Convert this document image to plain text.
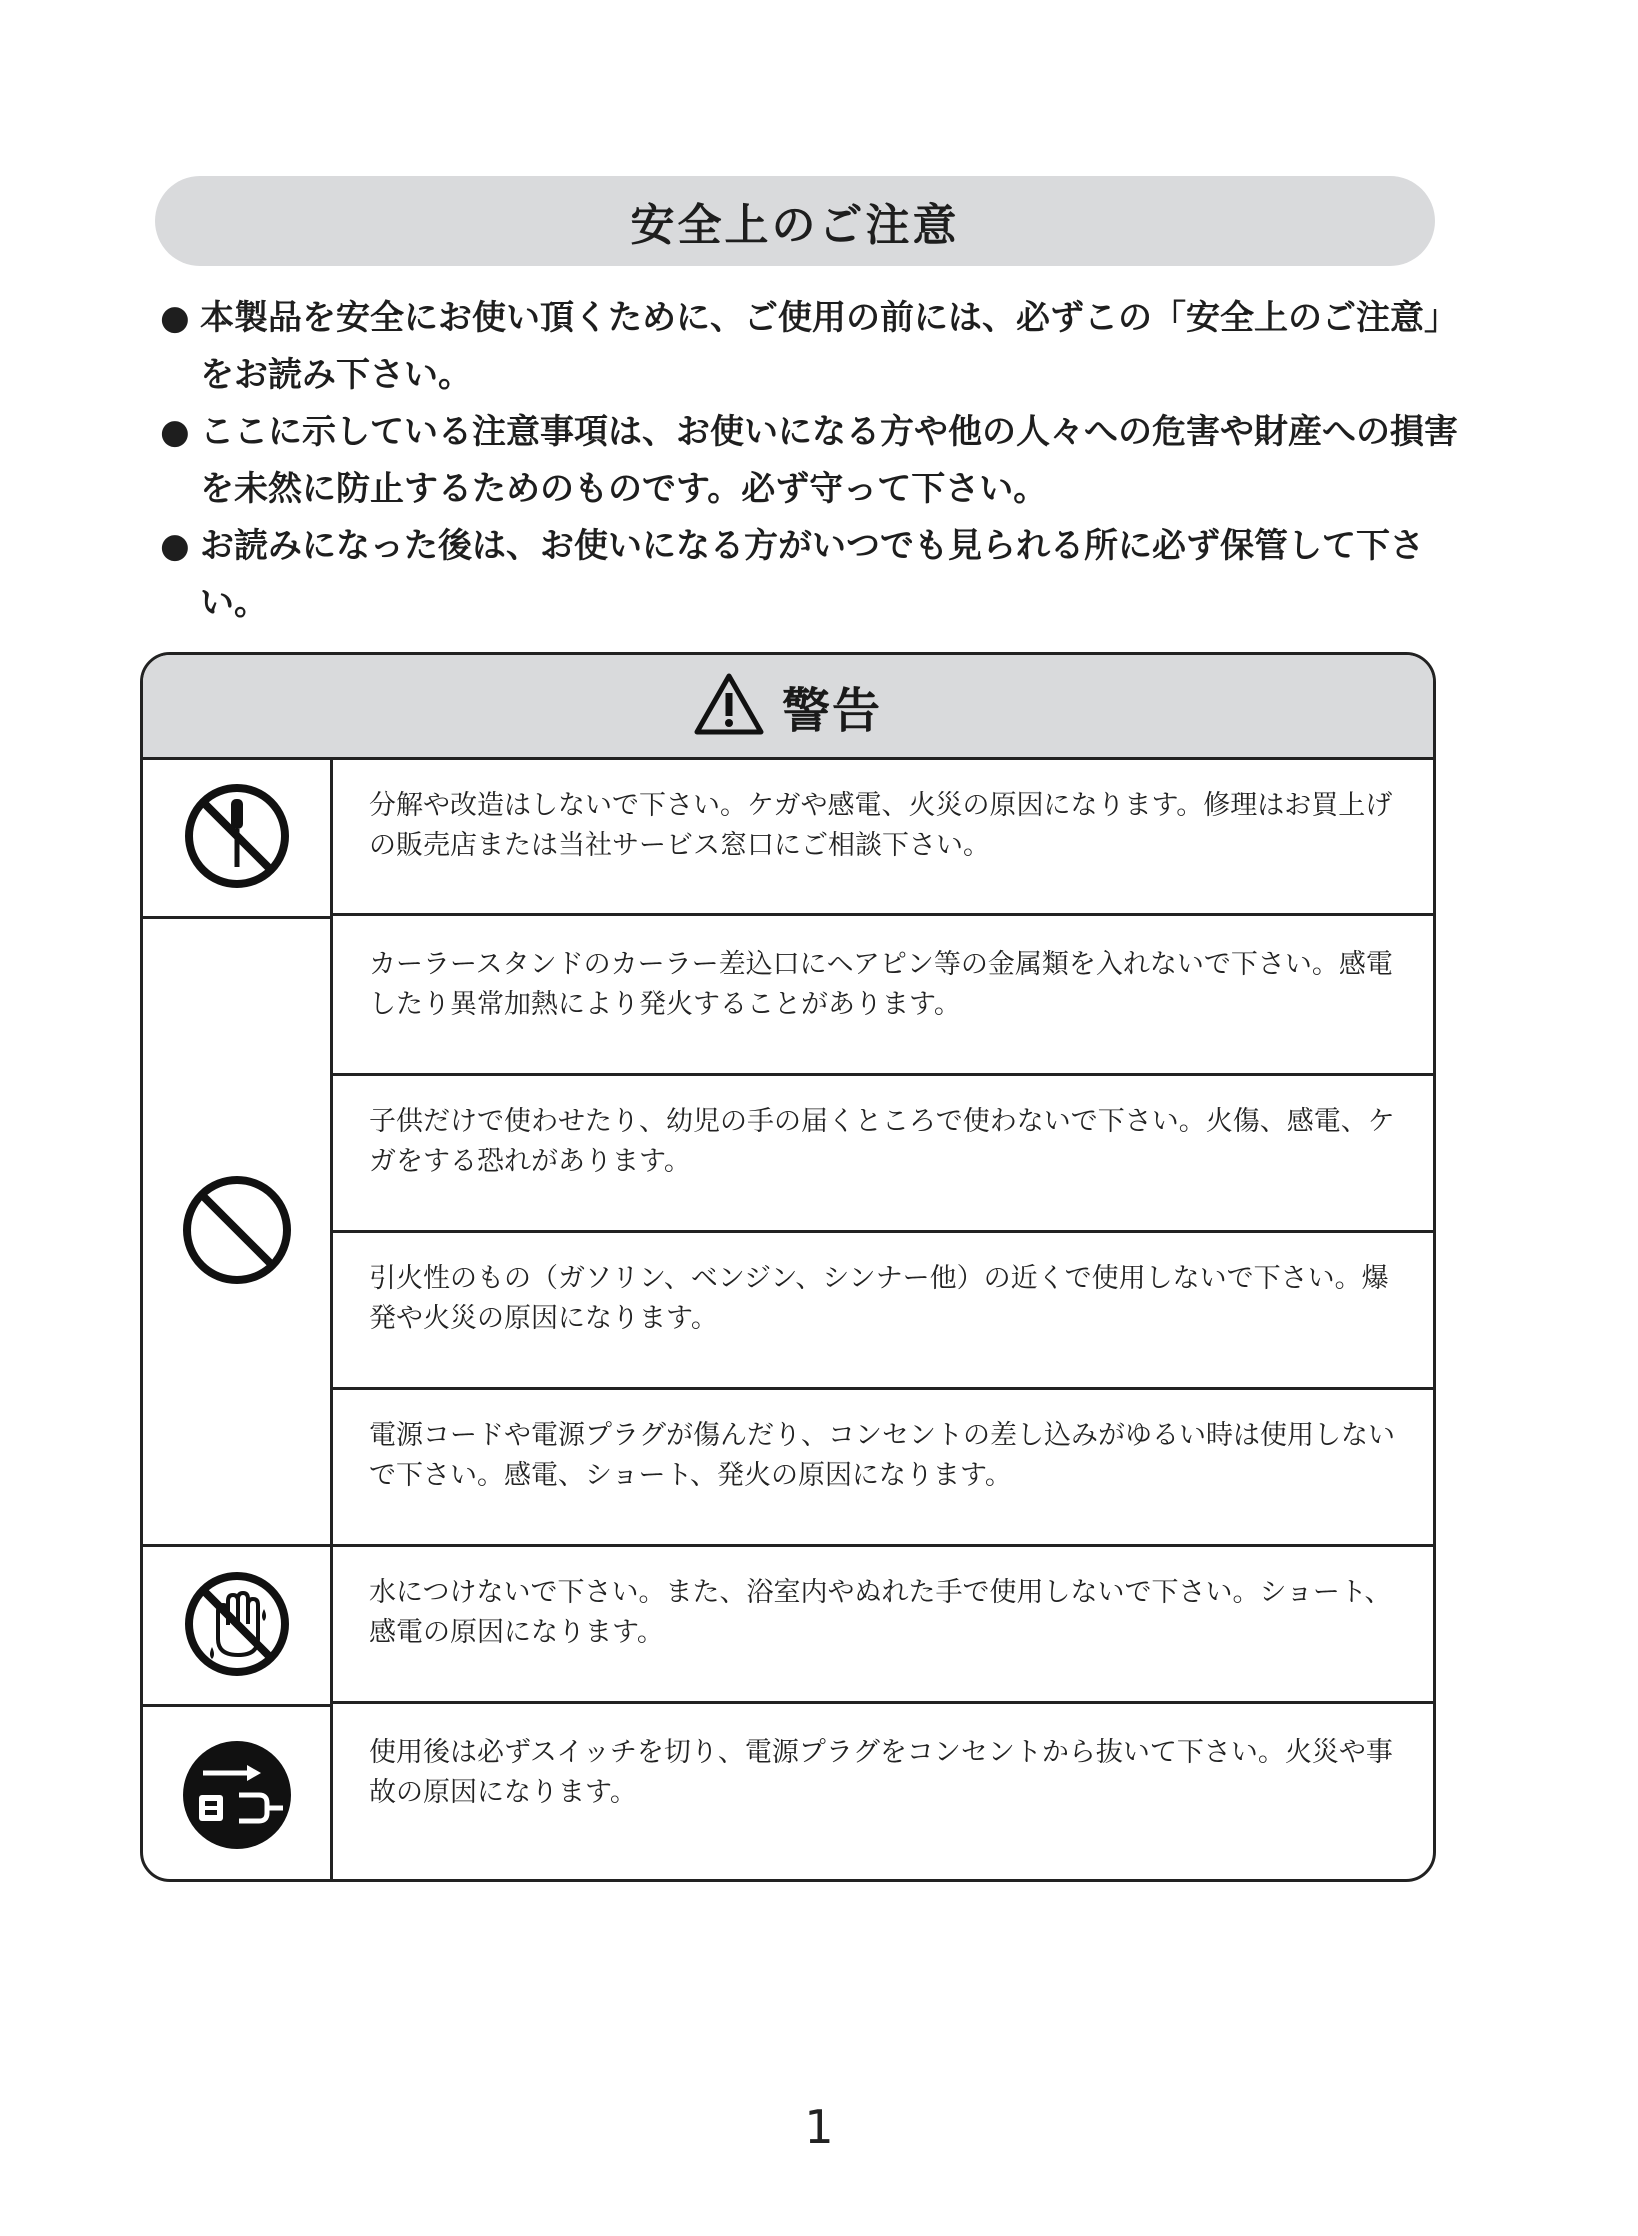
安全上のご注意
● 本製品を安全にお使い頂くために、ご使用の前には、必ずこの「安全上のご注意」をお読み下さい。
● ここに示している注意事項は、お使いになる方や他の人々への危害や財産への損害を未然に防止するためのものです。必ず守って下さい。
● お読みになった後は、お使いになる方がいつでも見られる所に必ず保管して下さい。
警告
分解や改造はしないで下さい。ケガや感電、火災の原因になります。修理はお買上げの販売店または当社サービス窓口にご相談下さい。
カーラースタンドのカーラー差込口にヘアピン等の金属類を入れないで下さい。感電したり異常加熱により発火することがあります。
子供だけで使わせたり、幼児の手の届くところで使わないで下さい。火傷、感電、ケガをする恐れがあります。
引火性のもの（ガソリン、ベンジン、シンナー他）の近くで使用しないで下さい。爆発や火災の原因になります。
電源コードや電源プラグが傷んだり、コンセントの差し込みがゆるい時は使用しないで下さい。感電、ショート、発火の原因になります。
水につけないで下さい。また、浴室内やぬれた手で使用しないで下さい。ショート、感電の原因になります。
使用後は必ずスイッチを切り、電源プラグをコンセントから抜いて下さい。火災や事故の原因になります。
1
